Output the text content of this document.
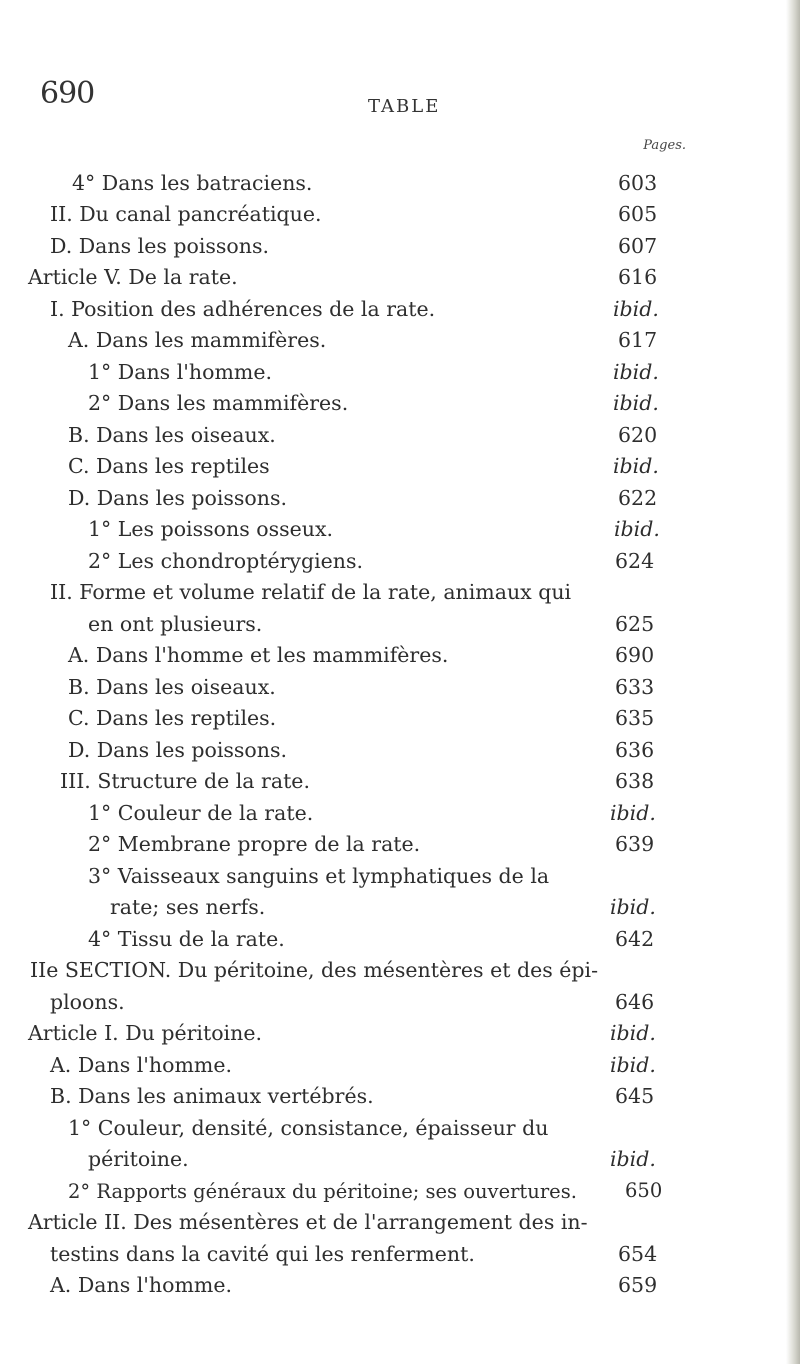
690	TABLE
Pages.
4° Dans les batraciens.	603
II. Du canal pancréatique.	605
D. Dans les poissons.	607
Article V. De la rate.	616
I. Position des adhérences de la rate.	ibid.
A. Dans les mammifères.	617
1° Dans l'homme.	ibid.
2° Dans les mammifères.	ibid.
B. Dans les oiseaux.	620
C. Dans les reptiles	ibid.
D. Dans les poissons.	622
1° Les poissons osseux.	ibid.
2° Les chondroptérygiens.	624
II. Forme et volume relatif de la rate, animaux qui
en ont plusieurs.	625
A. Dans l'homme et les mammifères.	690
B. Dans les oiseaux.	633
C. Dans les reptiles.	635
D. Dans les poissons.	636
III. Structure de la rate.	638
1° Couleur de la rate.	ibid.
2° Membrane propre de la rate.	639
3° Vaisseaux sanguins et lymphatiques de la
rate; ses nerfs.	ibid.
4° Tissu de la rate.	642
IIe SECTION. Du péritoine, des mésentères et des épi-
ploons.	646
Article I. Du péritoine.	ibid.
A. Dans l'homme.	ibid.
B. Dans les animaux vertébrés.	645
1° Couleur, densité, consistance, épaisseur du
péritoine.	ibid.
2° Rapports généraux du péritoine; ses ouvertures. 650
Article II. Des mésentères et de l'arrangement des in-
testins dans la cavité qui les renferment.	654
A. Dans l'homme.	659
